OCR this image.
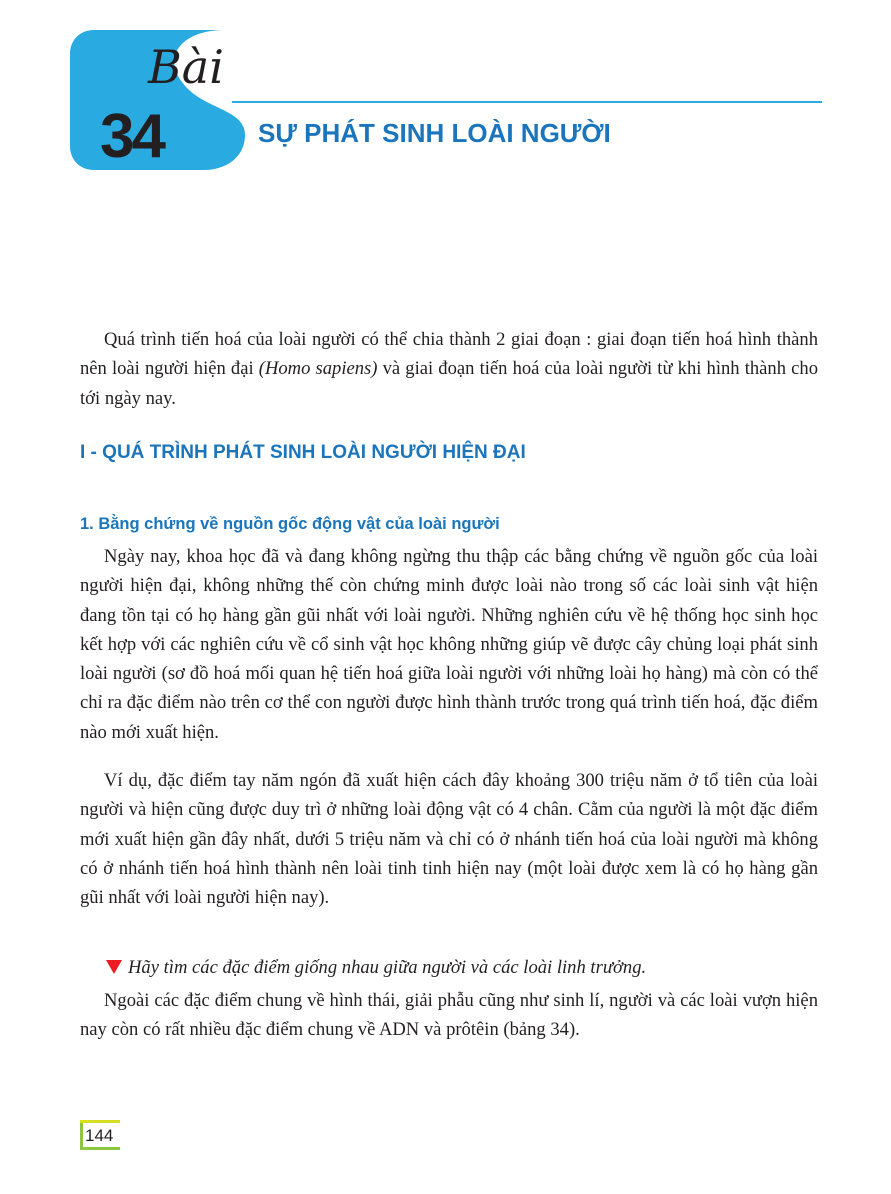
Bài
34	SỰ PHÁT SINH LOÀI NGƯỜI

Quá trình tiến hoá của loài người có thể chia thành 2 giai đoạn : giai đoạn tiến hoá hình thành nên loài người hiện đại (Homo sapiens) và giai đoạn tiến hoá của loài người từ khi hình thành cho tới ngày nay.

I - QUÁ TRÌNH PHÁT SINH LOÀI NGƯỜI HIỆN ĐẠI
1. Bằng chứng về nguồn gốc động vật của loài người

Ngày nay, khoa học đã và đang không ngừng thu thập các bằng chứng về nguồn gốc của loài người hiện đại, không những thế còn chứng minh được loài nào trong số các loài sinh vật hiện đang tồn tại có họ hàng gần gũi nhất với loài người. Những nghiên cứu về hệ thống học sinh học kết hợp với các nghiên cứu về cổ sinh vật học không những giúp vẽ được cây chủng loại phát sinh loài người (sơ đồ hoá mối quan hệ tiến hoá giữa loài người với những loài họ hàng) mà còn có thể chỉ ra đặc điểm nào trên cơ thể con người được hình thành trước trong quá trình tiến hoá, đặc điểm nào mới xuất hiện.

Ví dụ, đặc điểm tay năm ngón đã xuất hiện cách đây khoảng 300 triệu năm ở tổ tiên của loài người và hiện cũng được duy trì ở những loài động vật có 4 chân. Cằm của người là một đặc điểm mới xuất hiện gần đây nhất, dưới 5 triệu năm và chỉ có ở nhánh tiến hoá của loài người mà không có ở nhánh tiến hoá hình thành nên loài tinh tinh hiện nay (một loài được xem là có họ hàng gần gũi nhất với loài người hiện nay).

Hãy tìm các đặc điểm giống nhau giữa người và các loài linh trưởng.

Ngoài các đặc điểm chung về hình thái, giải phẫu cũng như sinh lí, người và các loài vượn hiện nay còn có rất nhiều đặc điểm chung về ADN và prôtêin (bảng 34).

144
